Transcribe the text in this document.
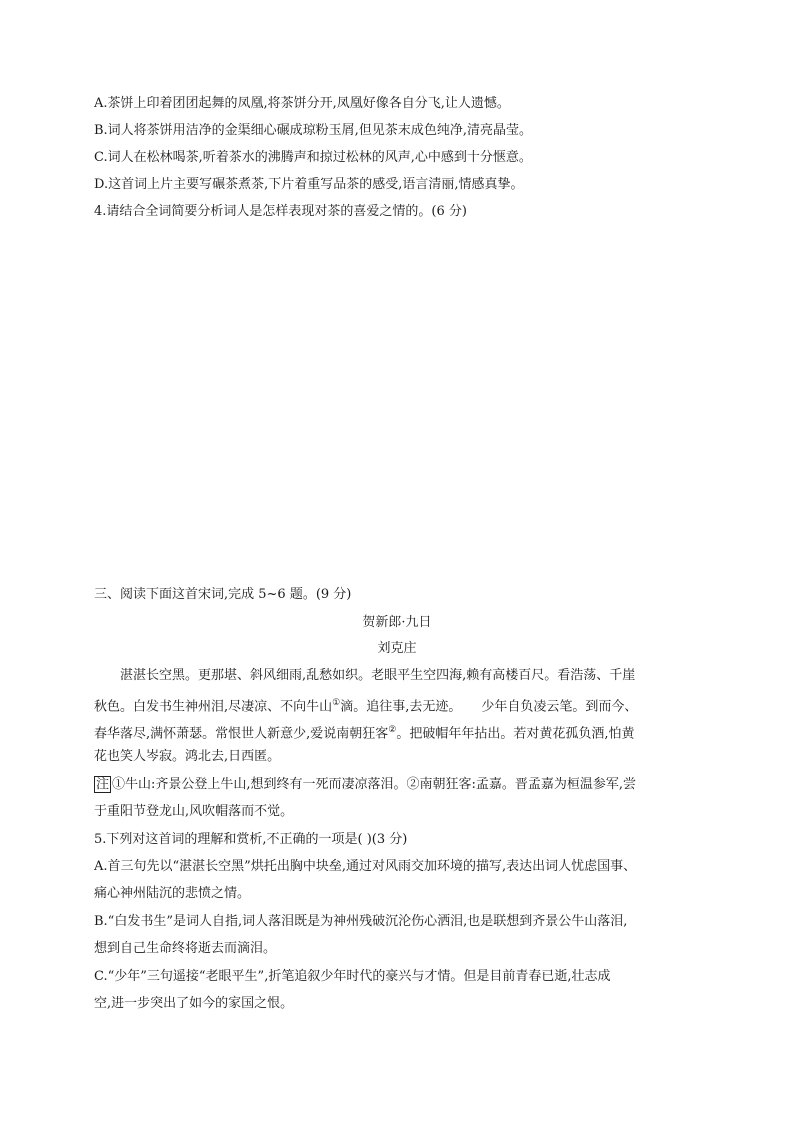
A.茶饼上印着团团起舞的凤凰,将茶饼分开,凤凰好像各自分飞,让人遗憾。
B.词人将茶饼用洁净的金渠细心碾成琼粉玉屑,但见茶末成色纯净,清亮晶莹。
C.词人在松林喝茶,听着茶水的沸腾声和掠过松林的风声,心中感到十分惬意。
D.这首词上片主要写碾茶煮茶,下片着重写品茶的感受,语言清丽,情感真挚。
4.请结合全词简要分析词人是怎样表现对茶的喜爱之情的。(6 分)
三、阅读下面这首宋词,完成 5~6 题。(9 分)
贺新郎·九日
刘克庄
湛湛长空黑。更那堪、斜风细雨,乱愁如织。老眼平生空四海,赖有高楼百尺。看浩荡、千崖
秋色。白发书生神州泪,尽凄凉、不向牛山①滴。追往事,去无迹。 少年自负凌云笔。到而今、
春华落尽,满怀萧瑟。常恨世人新意少,爱说南朝狂客②。把破帽年年拈出。若对黄花孤负酒,怕黄
花也笑人岑寂。鸿北去,日西匿。
注 ①牛山:齐景公登上牛山,想到终有一死而凄凉落泪。②南朝狂客:孟嘉。晋孟嘉为桓温参军,尝
于重阳节登龙山,风吹帽落而不觉。
5.下列对这首词的理解和赏析,不正确的一项是( )(3 分)
A.首三句先以“湛湛长空黑”烘托出胸中块垒,通过对风雨交加环境的描写,表达出词人忧虑国事、
痛心神州陆沉的悲愤之情。
B.“白发书生”是词人自指,词人落泪既是为神州残破沉沦伤心洒泪,也是联想到齐景公牛山落泪,
想到自己生命终将逝去而滴泪。
C.“少年”三句遥接“老眼平生”,折笔追叙少年时代的豪兴与才情。但是目前青春已逝,壮志成
空,进一步突出了如今的家国之恨。
